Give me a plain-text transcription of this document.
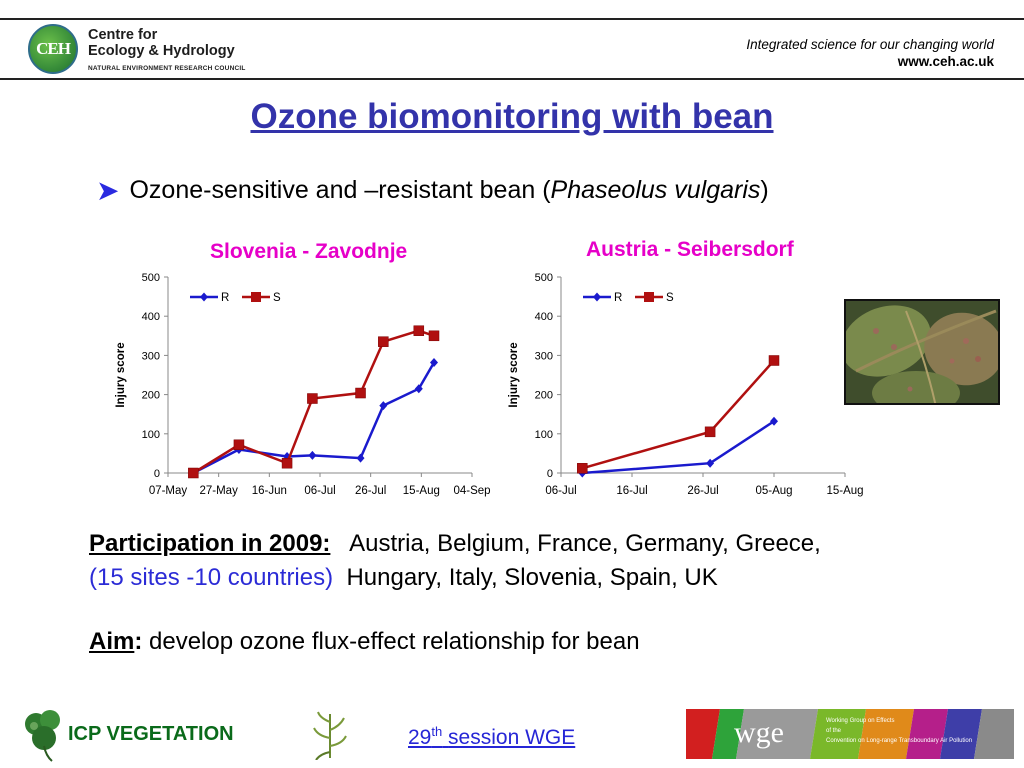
CEH
Centre for
Ecology & Hydrology
NATURAL ENVIRONMENT RESEARCH COUNCIL
Integrated science for our changing world
www.ceh.ac.uk
Ozone biomonitoring with bean
➤ Ozone-sensitive and –resistant bean (Phaseolus vulgaris)
Slovenia - Zavodnje	Austria - Seibersdorf
0
100
200
300
400
500
07-May 27-May 16-Jun 06-Jul 26-Jul 15-Aug 04-Sep
Injury score
R	S
0
100
200
300
400
500
06-Jul	16-Jul	26-Jul	05-Aug	15-Aug
Injury score
R	S
Participation in 2009: Austria, Belgium, France, Germany, Greece,
(15 sites -10 countries) Hungary, Italy, Slovenia, Spain, UK
Aim: develop ozone flux-effect relationship for bean
ICP VEGETATION	29th session WGE	wge	Working Group on Effects
of the
Convention on Long-range Transboundary Air Pollution
